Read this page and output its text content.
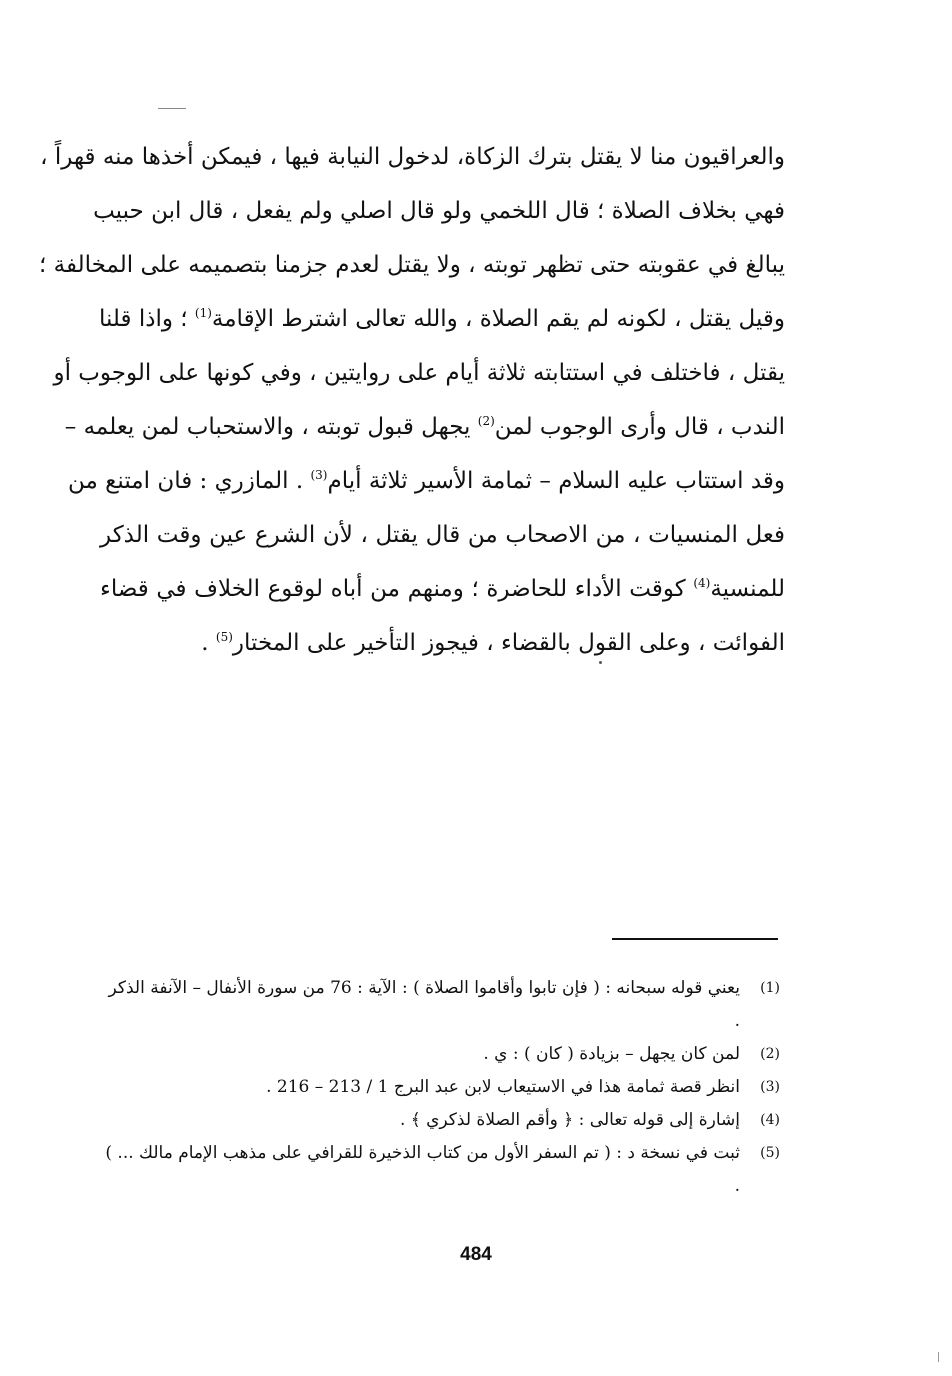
والعراقيون منا لا يقتل بترك الزكاة، لدخول النيابة فيها ، فيمكن أخذها منه قهراً ،
فهي بخلاف الصلاة ؛ قال اللخمي ولو قال اصلي ولم يفعل ، قال ابن حبيب
يبالغ في عقوبته حتى تظهر توبته ، ولا يقتل لعدم جزمنا بتصميمه على المخالفة ؛
وقيل يقتل ، لكونه لم يقم الصلاة ، والله تعالى اشترط الإقامة$^{(1)}$ ؛ واذا قلنا
يقتل ، فاختلف في استتابته ثلاثة أيام على روايتين ، وفي كونها على الوجوب أو
الندب ، قال وأرى الوجوب لمن$^{(2)}$ يجهل قبول توبته ، والاستحباب لمن يعلمه –
وقد استتاب عليه السلام – ثمامة الأسير ثلاثة أيام$^{(3)}$ . المازري : فان امتنع من
فعل المنسيات ، من الاصحاب من قال يقتل ، لأن الشرع عين وقت الذكر
للمنسية$^{(4)}$ كوقت الأداء للحاضرة ؛ ومنهم من أباه لوقوع الخلاف في قضاء
الفوائت ، وعلى القول بالقضاء ، فيجوز التأخير على المختار$^{(5)}$ .
(1)
يعني قوله سبحانه : ( فإن تابوا وأقاموا الصلاة ) : الآية : 76 من سورة الأنفال – الآنفة الذكر .
(2)
لمن كان يجهل – بزيادة ( كان ) : ي .
(3)
انظر قصة ثمامة هذا في الاستيعاب لابن عبد البرج 1 / 213 – 216 .
(4)
إشارة إلى قوله تعالى : ﴿ وأقم الصلاة لذكري ﴾ .
(5)
ثبت في نسخة د : ( تم السفر الأول من كتاب الذخيرة للقرافي على مذهب الإمام مالك ... ) .
484
